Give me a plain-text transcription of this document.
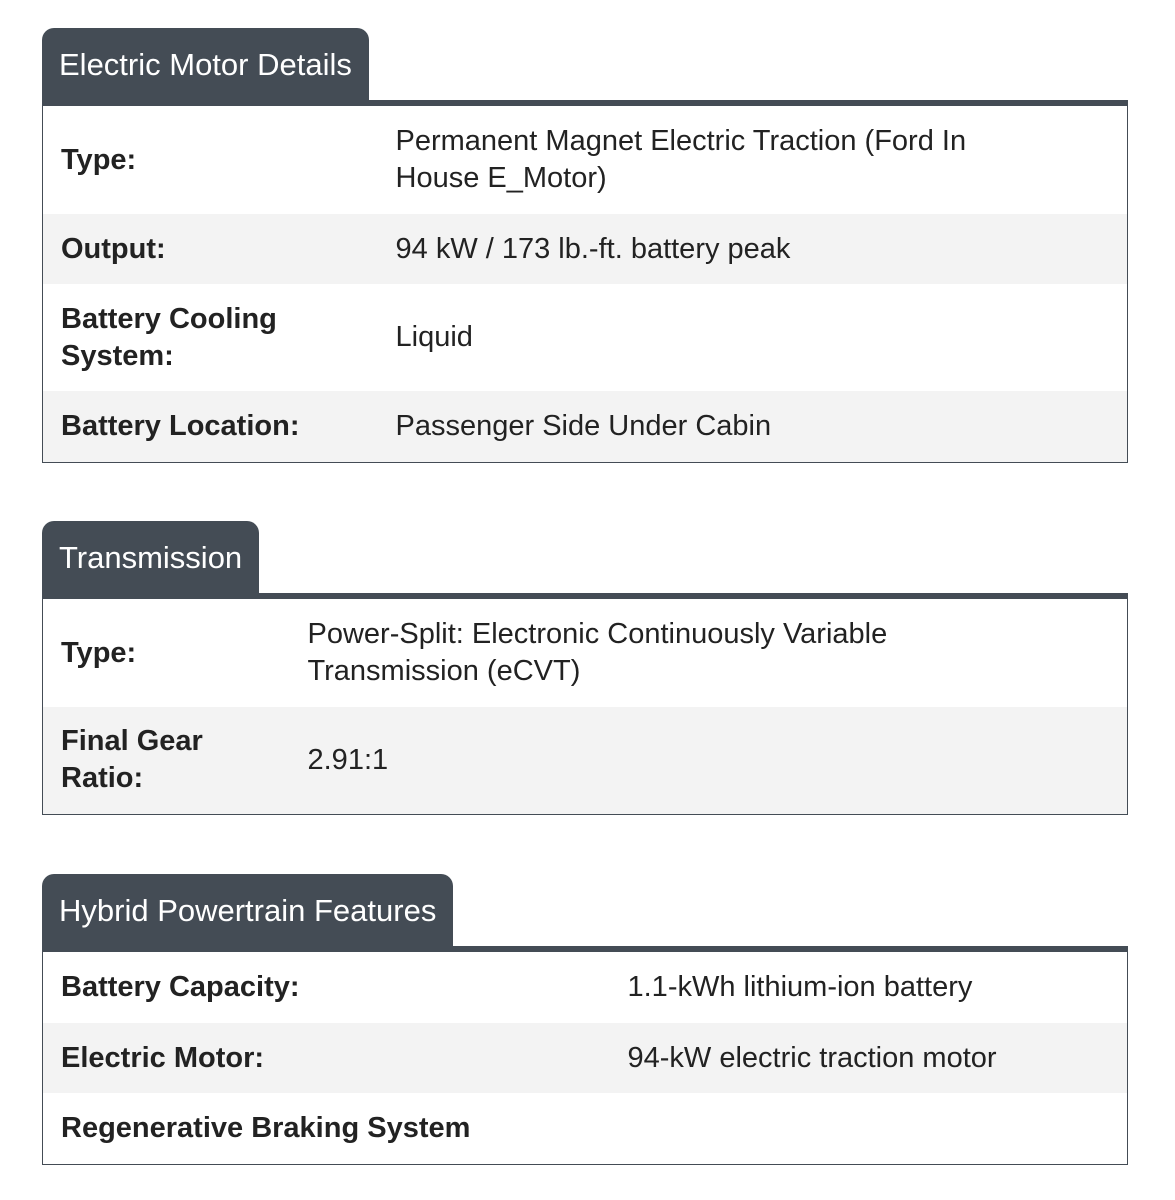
Electric Motor Details
Type:	Permanent Magnet Electric Traction (Ford In House E_Motor)
Output:	94 kW / 173 lb.-ft. battery peak
Battery Cooling System:	Liquid
Battery Location:	Passenger Side Under Cabin
Transmission
Type:	Power-Split: Electronic Continuously Variable Transmission (eCVT)
Final Gear Ratio:	2.91:1
Hybrid Powertrain Features
Battery Capacity:	1.1-kWh lithium-ion battery
Electric Motor:	94-kW electric traction motor
Regenerative Braking System	
